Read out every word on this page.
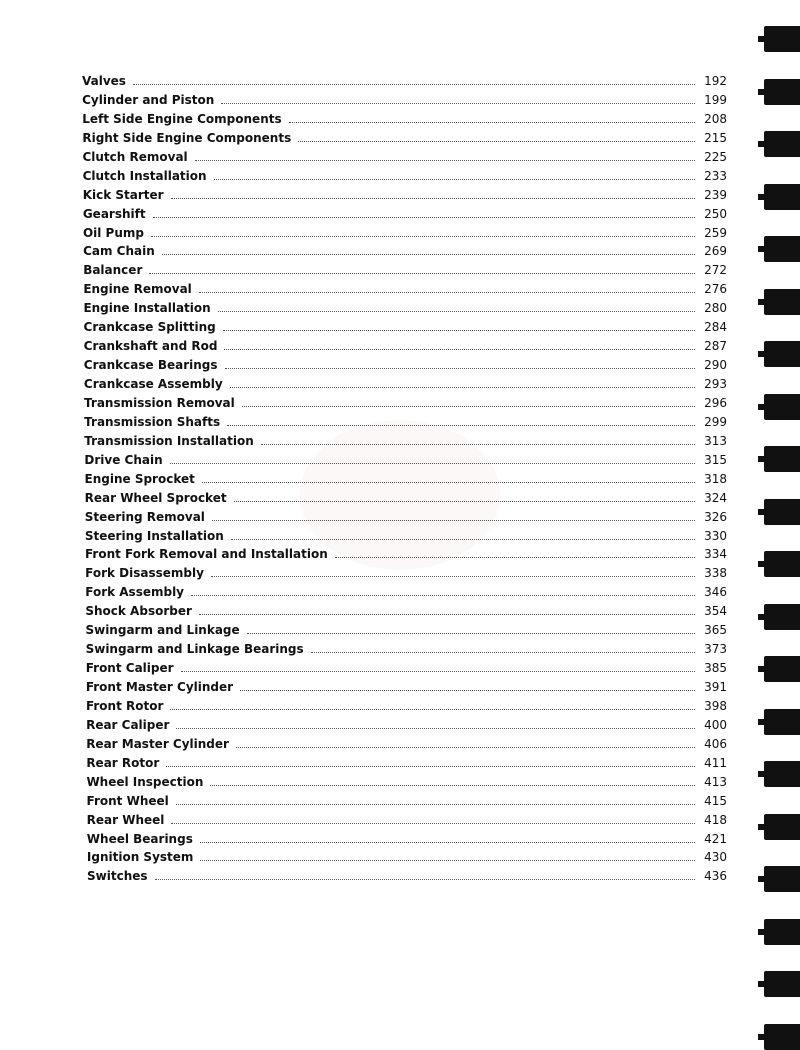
Valves	192
Cylinder and Piston	199
Left Side Engine Components	208
Right Side Engine Components	215
Clutch Removal	225
Clutch Installation	233
Kick Starter	239
Gearshift	250
Oil Pump	259
Cam Chain	269
Balancer	272
Engine Removal	276
Engine Installation	280
Crankcase Splitting	284
Crankshaft and Rod	287
Crankcase Bearings	290
Crankcase Assembly	293
Transmission Removal	296
Transmission Shafts	299
Transmission Installation	313
Drive Chain	315
Engine Sprocket	318
Rear Wheel Sprocket	324
Steering Removal	326
Steering Installation	330
Front Fork Removal and Installation	334
Fork Disassembly	338
Fork Assembly	346
Shock Absorber	354
Swingarm and Linkage	365
Swingarm and Linkage Bearings	373
Front Caliper	385
Front Master Cylinder	391
Front Rotor	398
Rear Caliper	400
Rear Master Cylinder	406
Rear Rotor	411
Wheel Inspection	413
Front Wheel	415
Rear Wheel	418
Wheel Bearings	421
Ignition System	430
Switches	436
